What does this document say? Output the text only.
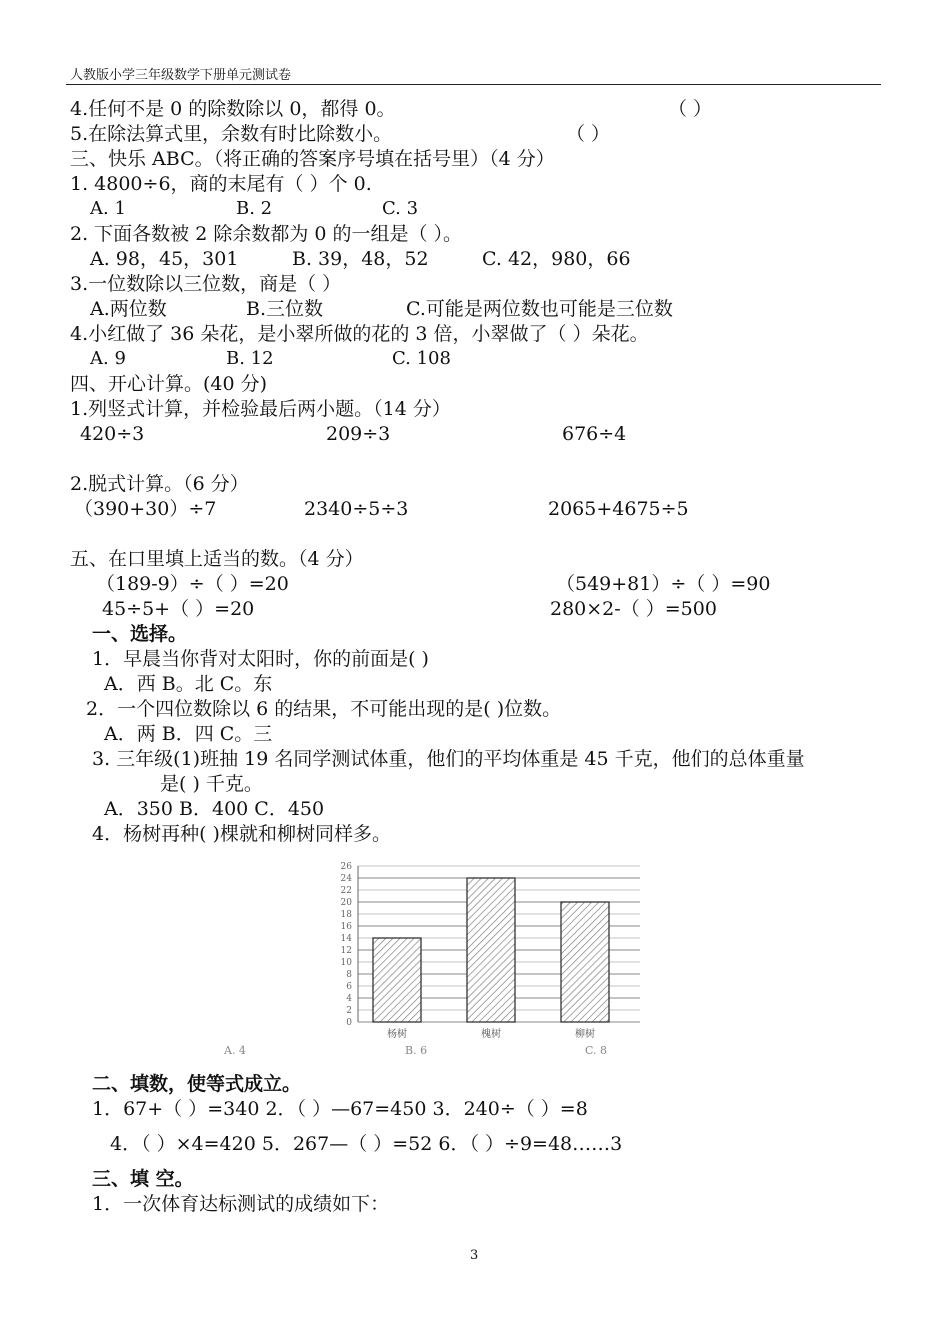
人教版小学三年级数学下册单元测试卷
4.任何不是 0 的除数除以 0，都得 0。	（ ）
5.在除法算式里，余数有时比除数小。	（ ）
三、快乐 ABC。（将正确的答案序号填在括号里）（4 分）
1. 4800÷6，商的末尾有（ ）个 0.
A. 1	B. 2	C. 3
2. 下面各数被 2 除余数都为 0 的一组是（ ）。
A. 98，45，301	B. 39，48，52	C. 42，980，66
3.一位数除以三位数，商是（ ）
A.两位数	B.三位数	C.可能是两位数也可能是三位数
4.小红做了 36 朵花，是小翠所做的花的 3 倍，小翠做了（ ）朵花。
A. 9	B. 12	C. 108
四、开心计算。(40 分)
1.列竖式计算，并检验最后两小题。（14 分）
420÷3	209÷3	676÷4
2.脱式计算。（6 分）
（390+30）÷7	2340÷5÷3	2065+4675÷5
五、在口里填上适当的数。（4 分）
（189-9）÷（ ）=20	（549+81）÷（ ）=90
45÷5+（ ）=20	280×2-（ ）=500
一、选择。
1．早晨当你背对太阳时，你的前面是( )
A．西 B。北 C。东
2．一个四位数除以 6 的结果，不可能出现的是( )位数。
A．两 B．四 C。三
3. 三年级(1)班抽 19 名同学测试体重，他们的平均体重是 45 千克，他们的总体重量
是( ) 千克。
A．350 B．400 C．450
4．杨树再种( )棵就和柳树同样多。
二、填数，使等式成立。
1．67+（ ）=340 2．（ ）—67=450 3．240÷（ ）=8
4．（ ）×4=420 5．267—（ ）=52 6．（ ）÷9=48……3
三、填 空。
1．一次体育达标测试的成绩如下：
0
2
4
6
8
10
12
14
16
18
20
22
24
26
杨树	槐树	柳树
A. 4	B. 6	C. 8
3
